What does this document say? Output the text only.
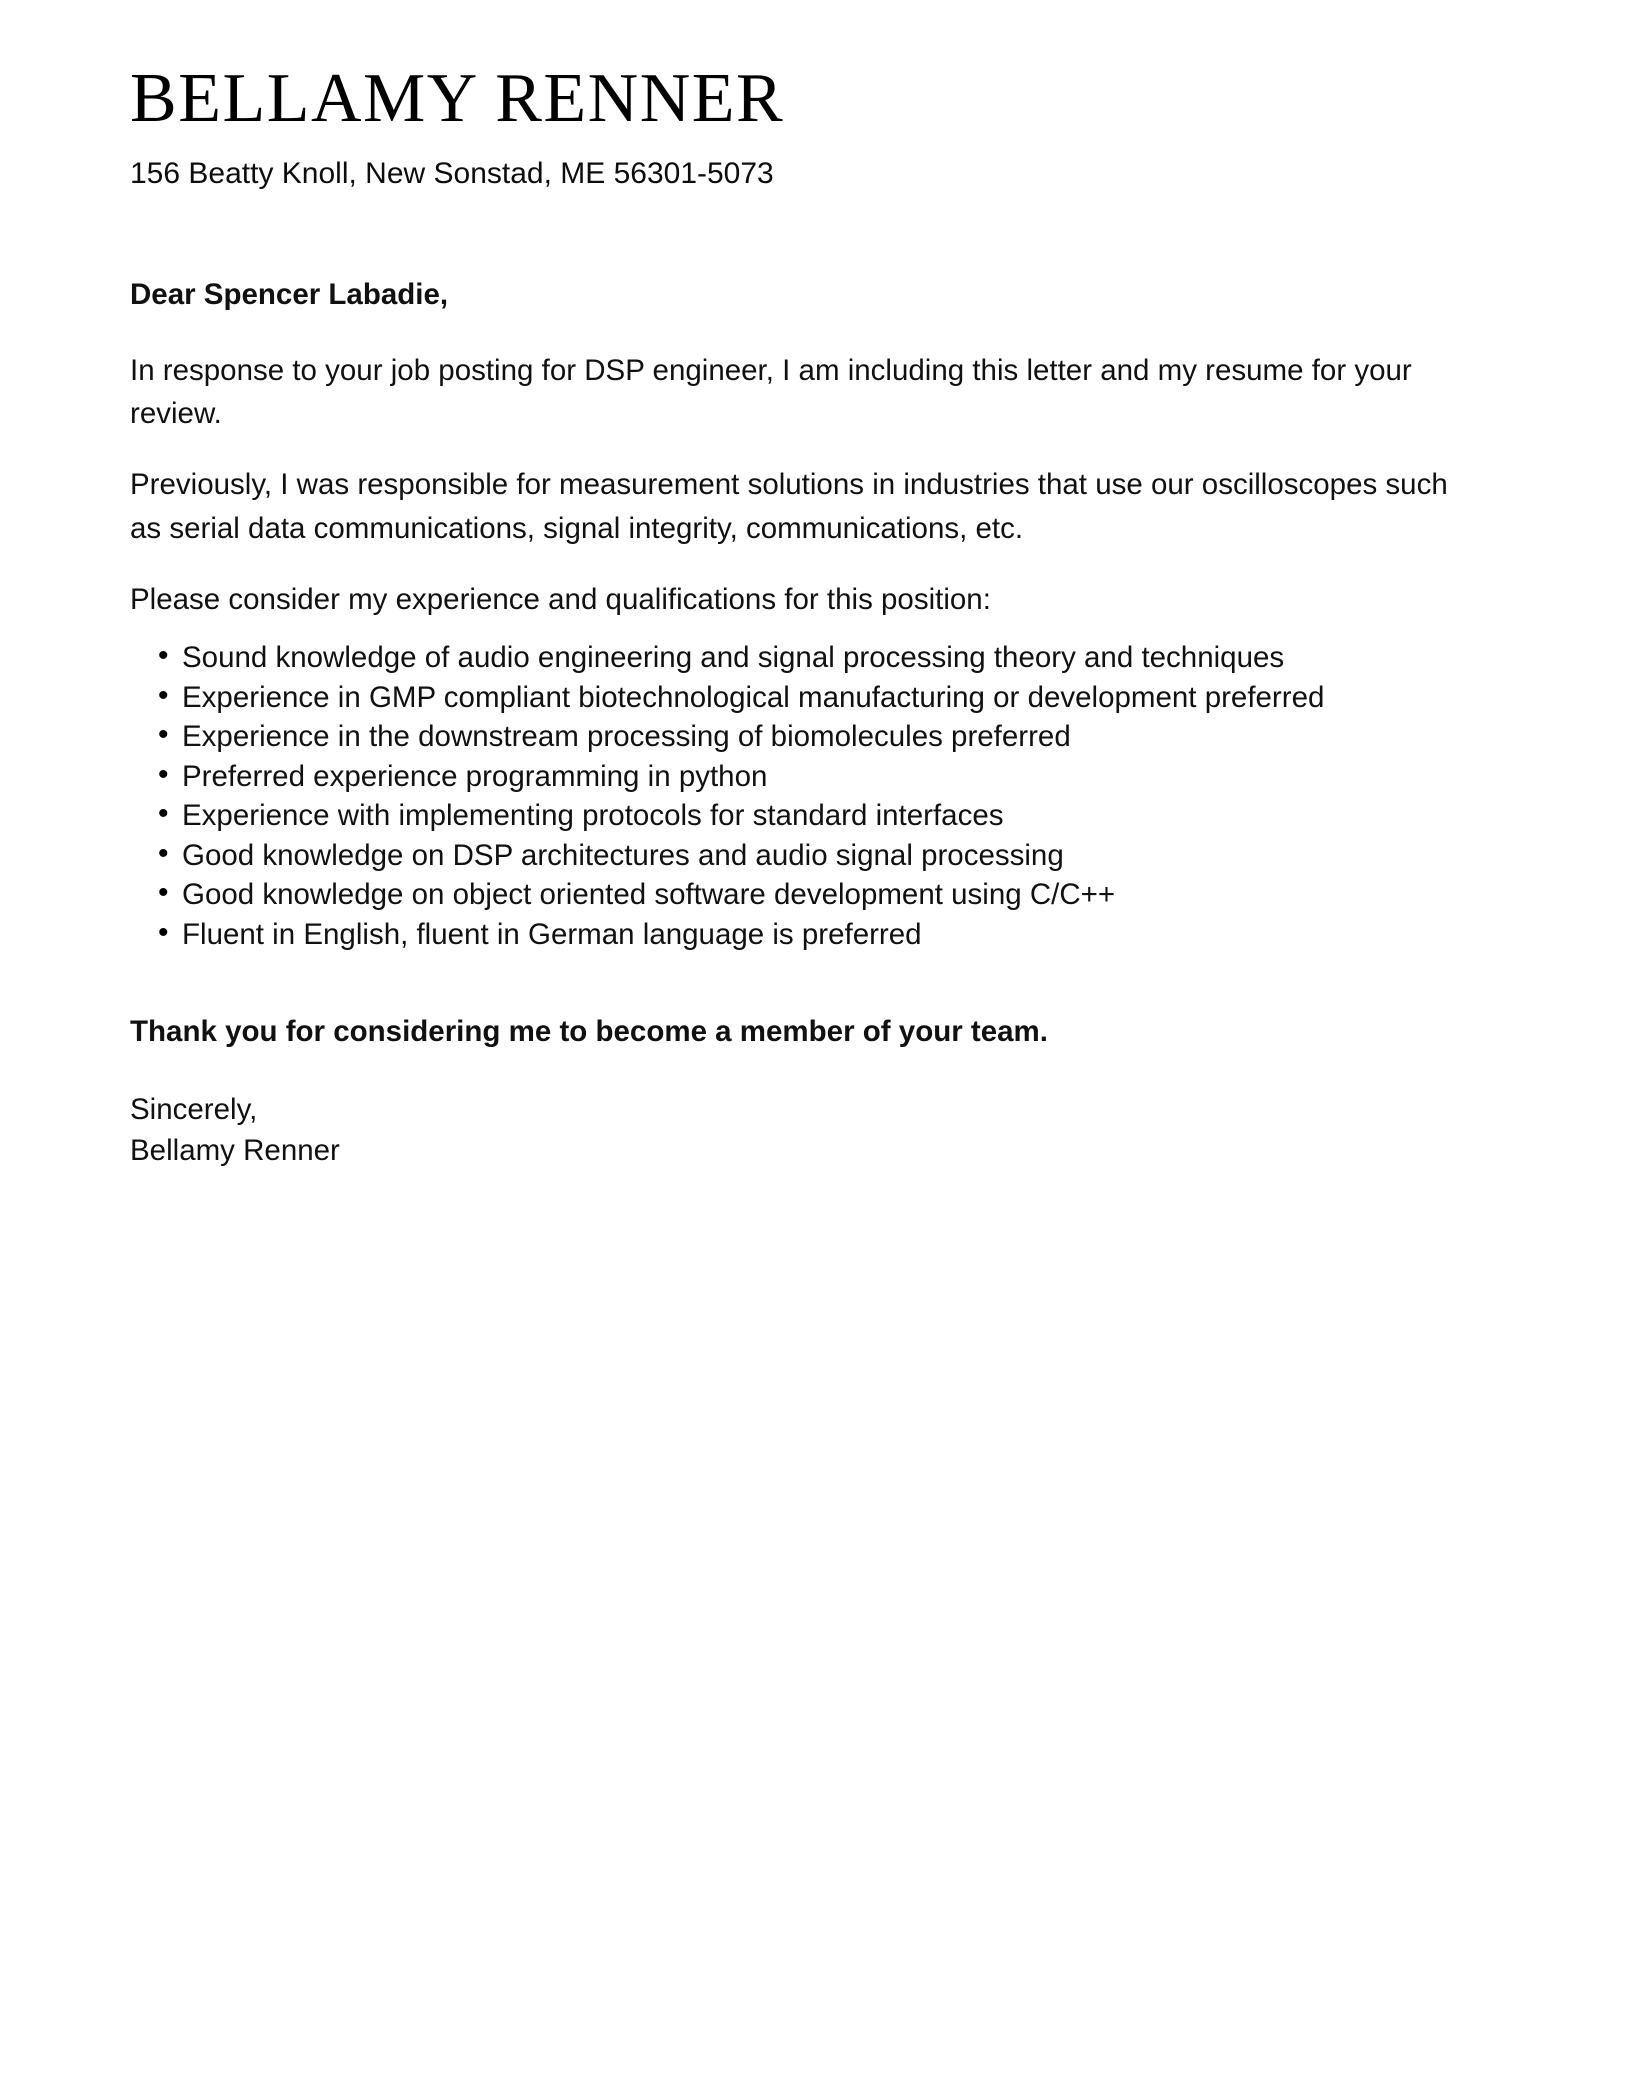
BELLAMY RENNER

156 Beatty Knoll, New Sonstad, ME 56301-5073

Dear Spencer Labadie,

In response to your job posting for DSP engineer, I am including this letter and my resume for your review.

Previously, I was responsible for measurement solutions in industries that use our oscilloscopes such as serial data communications, signal integrity, communications, etc.

Please consider my experience and qualifications for this position:

• Sound knowledge of audio engineering and signal processing theory and techniques
• Experience in GMP compliant biotechnological manufacturing or development preferred
• Experience in the downstream processing of biomolecules preferred
• Preferred experience programming in python
• Experience with implementing protocols for standard interfaces
• Good knowledge on DSP architectures and audio signal processing
• Good knowledge on object oriented software development using C/C++
• Fluent in English, fluent in German language is preferred

Thank you for considering me to become a member of your team.

Sincerely,
Bellamy Renner
